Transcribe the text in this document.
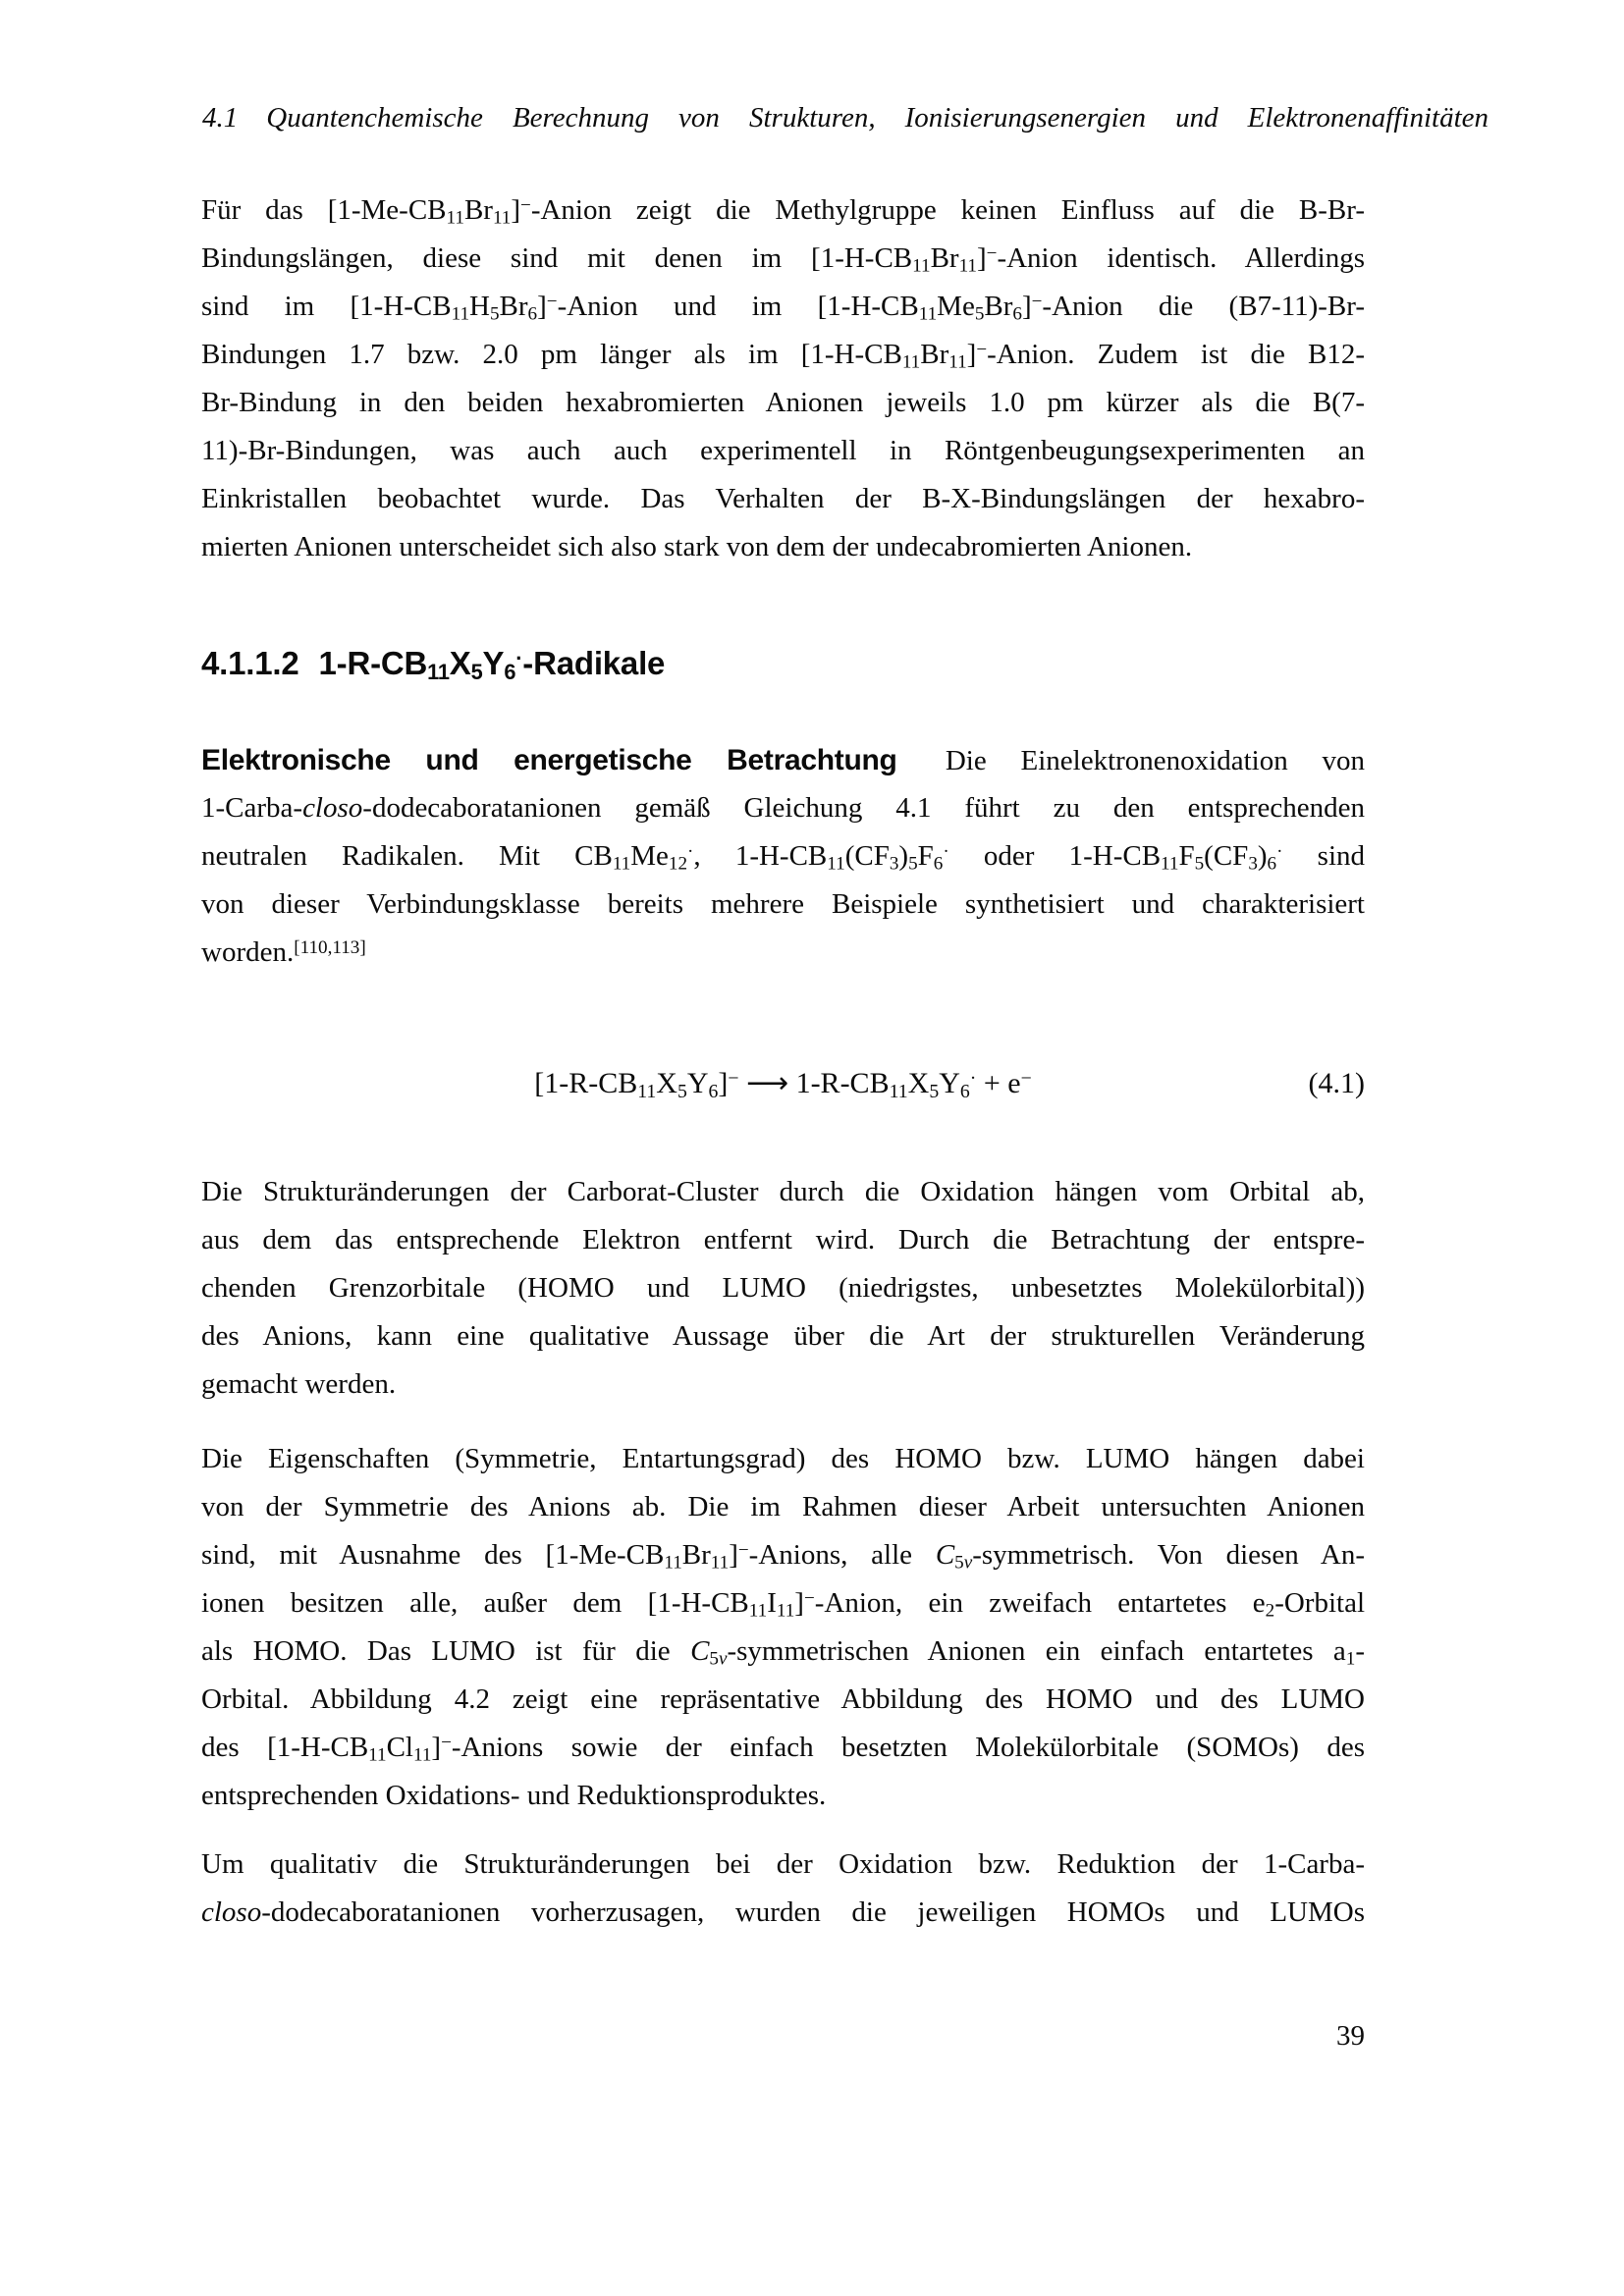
4.1 Quantenchemische Berechnung von Strukturen, Ionisierungsenergien und Elektronenaffinitäten
Für das $[1-Me-CB_{11}Br_{11}]^-$-Anion zeigt die Methylgruppe keinen Einfluss auf die B-Br-
Bindungslängen, diese sind mit denen im $[1-H-CB_{11}Br_{11}]^-$-Anion identisch. Allerdings
sind im $[1-H-CB_{11}H_5Br_6]^-$-Anion und im $[1-H-CB_{11}Me_5Br_6]^-$-Anion die (B7-11)-Br-
Bindungen 1.7 bzw. 2.0 pm länger als im $[1-H-CB_{11}Br_{11}]^-$-Anion. Zudem ist die B12-
Br-Bindung in den beiden hexabromierten Anionen jeweils 1.0 pm kürzer als die B(7-
11)-Br-Bindungen, was auch auch experimentell in Röntgenbeugungsexperimenten an
Einkristallen beobachtet wurde. Das Verhalten der B-X-Bindungslängen der hexabro-
mierten Anionen unterscheidet sich also stark von dem der undecabromierten Anionen.
4.1.1.2 $1-R-CB_{11}X_5Y_6^\cdot$-Radikale
Elektronische und energetische Betrachtung  Die Einelektronenoxidation von
1-Carba-closo-dodecaboratanionen gemäß Gleichung 4.1 führt zu den entsprechenden
neutralen Radikalen. Mit $CB_{11}Me_{12}^\cdot$, $1-H-CB_{11}(CF_3)_5F_6^\cdot$ oder $1-H-CB_{11}F_5(CF_3)_6^\cdot$ sind
von dieser Verbindungsklasse bereits mehrere Beispiele synthetisiert und charakterisiert
worden.[110,113]
$[1-R-CB_{11}X_5Y_6]^-$ ⟶ $1-R-CB_{11}X_5Y_6^\cdot + e^-$	(4.1)
Die Strukturänderungen der Carborat-Cluster durch die Oxidation hängen vom Orbital ab,
aus dem das entsprechende Elektron entfernt wird. Durch die Betrachtung der entspre-
chenden Grenzorbitale (HOMO und LUMO (niedrigstes, unbesetztes Molekülorbital))
des Anions, kann eine qualitative Aussage über die Art der strukturellen Veränderung
gemacht werden.
Die Eigenschaften (Symmetrie, Entartungsgrad) des HOMO bzw. LUMO hängen dabei
von der Symmetrie des Anions ab. Die im Rahmen dieser Arbeit untersuchten Anionen
sind, mit Ausnahme des $[1-Me-CB_{11}Br_{11}]^-$-Anions, alle $C_{5v}$-symmetrisch. Von diesen An-
ionen besitzen alle, außer dem $[1-H-CB_{11}I_{11}]^-$-Anion, ein zweifach entartetes $e_2$-Orbital
als HOMO. Das LUMO ist für die $C_{5v}$-symmetrischen Anionen ein einfach entartetes $a_1-$
Orbital. Abbildung 4.2 zeigt eine repräsentative Abbildung des HOMO und des LUMO
des $[1-H-CB_{11}Cl_{11}]^-$-Anions sowie der einfach besetzten Molekülorbitale (SOMOs) des
entsprechenden Oxidations- und Reduktionsproduktes.
Um qualitativ die Strukturänderungen bei der Oxidation bzw. Reduktion der 1-Carba-
closo-dodecaboratanionen vorherzusagen, wurden die jeweiligen HOMOs und LUMOs
39
